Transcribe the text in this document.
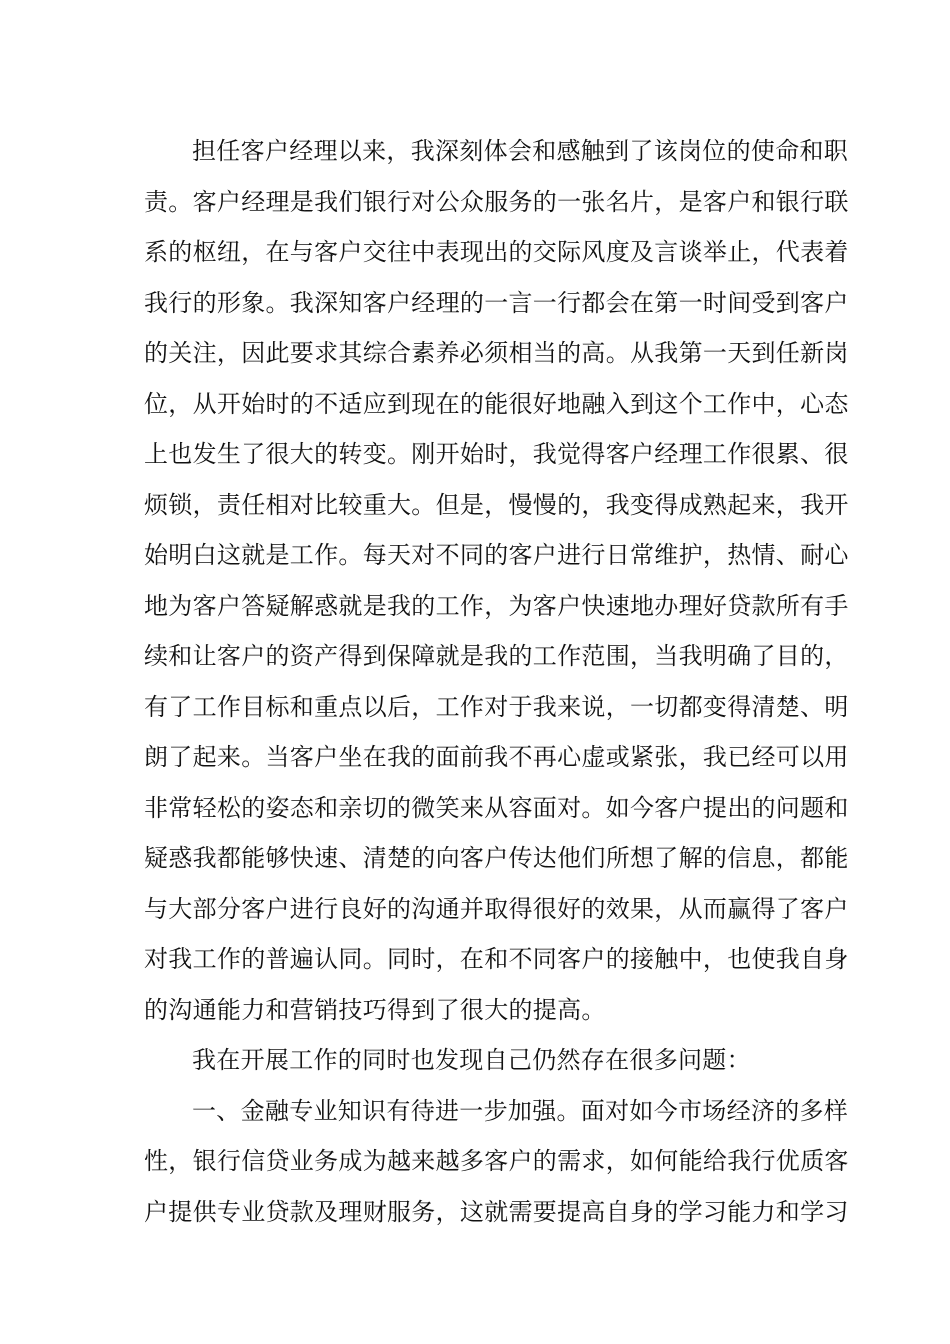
担任客户经理以来，我深刻体会和感触到了该岗位的使命和职
责。客户经理是我们银行对公众服务的一张名片，是客户和银行联
系的枢纽，在与客户交往中表现出的交际风度及言谈举止，代表着
我行的形象。我深知客户经理的一言一行都会在第一时间受到客户
的关注，因此要求其综合素养必须相当的高。从我第一天到任新岗
位，从开始时的不适应到现在的能很好地融入到这个工作中，心态
上也发生了很大的转变。刚开始时，我觉得客户经理工作很累、很
烦锁，责任相对比较重大。但是，慢慢的，我变得成熟起来，我开
始明白这就是工作。每天对不同的客户进行日常维护，热情、耐心
地为客户答疑解惑就是我的工作，为客户快速地办理好贷款所有手
续和让客户的资产得到保障就是我的工作范围，当我明确了目的，
有了工作目标和重点以后，工作对于我来说，一切都变得清楚、明
朗了起来。当客户坐在我的面前我不再心虚或紧张，我已经可以用
非常轻松的姿态和亲切的微笑来从容面对。如今客户提出的问题和
疑惑我都能够快速、清楚的向客户传达他们所想了解的信息，都能
与大部分客户进行良好的沟通并取得很好的效果，从而赢得了客户
对我工作的普遍认同。同时，在和不同客户的接触中，也使我自身
的沟通能力和营销技巧得到了很大的提高。
我在开展工作的同时也发现自己仍然存在很多问题：
一、金融专业知识有待进一步加强。面对如今市场经济的多样
性，银行信贷业务成为越来越多客户的需求，如何能给我行优质客
户提供专业贷款及理财服务，这就需要提高自身的学习能力和学习
